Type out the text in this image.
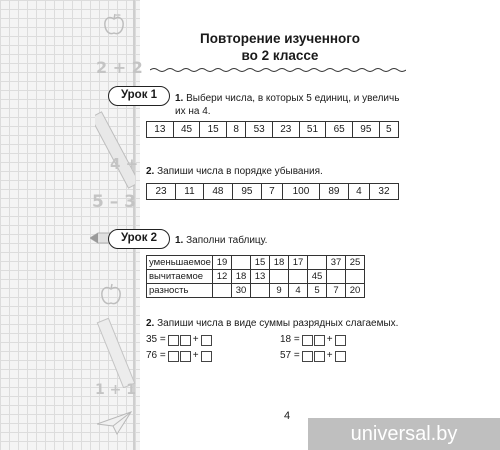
2 + 2
4 +
5 – 3
1 + 1
Повторение изученного
во 2 классе
Урок 1	1. Выбери числа, в которых 5 единиц, и увеличь
их на 4.
13	45	15	8	53	23	51	65	95	5
2. Запиши числа в порядке убывания.
23	11	48	95	7	100	89	4	32
Урок 2	1. Заполни таблицу.
уменьшаемое	19		15	18	17		37	25
вычитаемое	12	18	13			45		
разность		30		9	4	5	7	20
2. Запиши числа в виде суммы разрядных слагаемых.
35 =	+	18 =	+
76 =	+	57 =	+
4
universal.by
